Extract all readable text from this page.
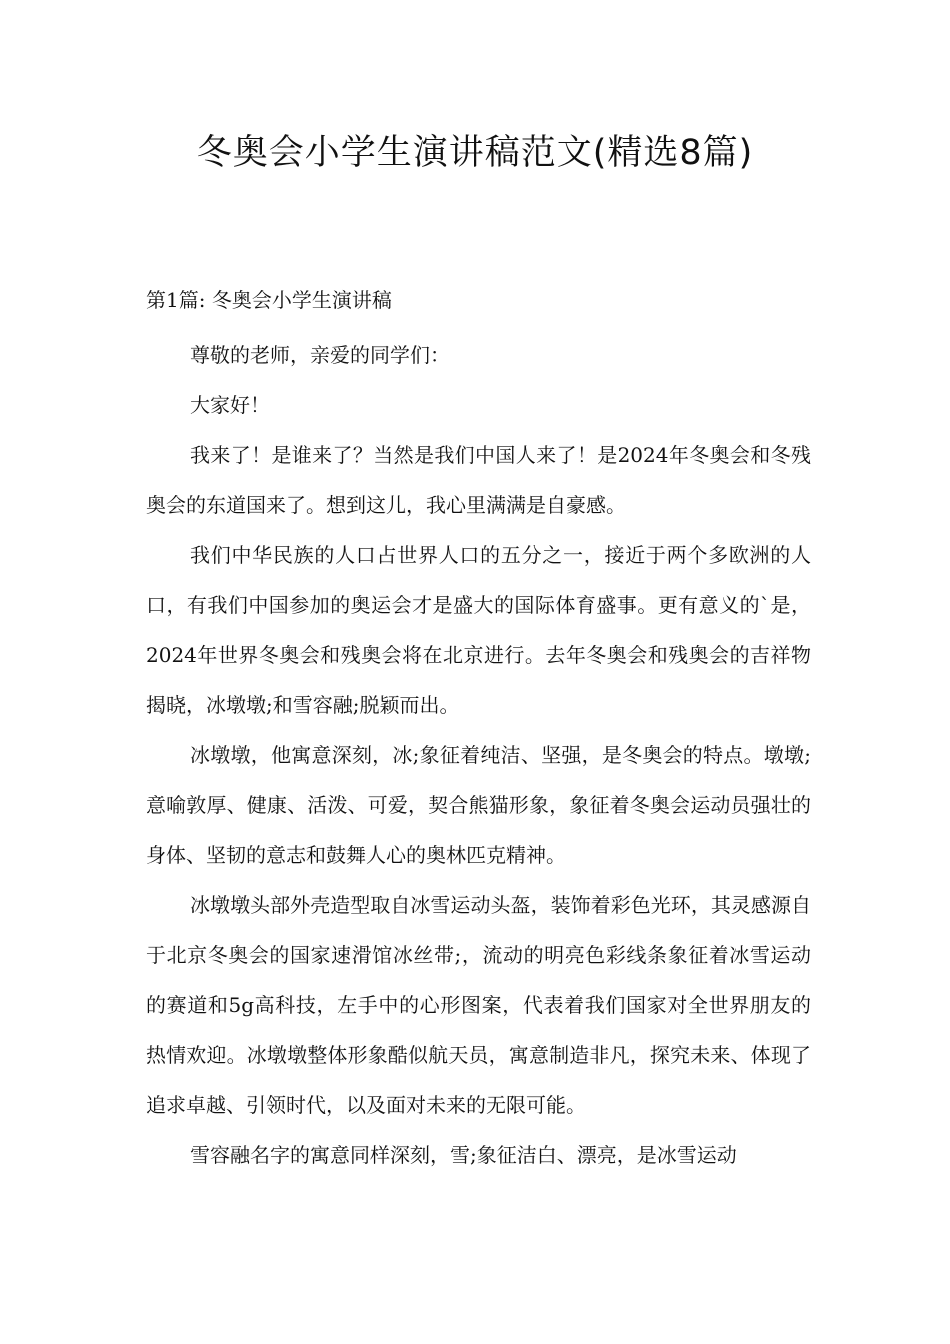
冬奥会小学生演讲稿范文(精选8篇)
第1篇: 冬奥会小学生演讲稿

尊敬的老师，亲爱的同学们：

大家好！

我来了！是谁来了？当然是我们中国人来了！是2024年冬奥会和冬残奥会的东道国来了。想到这儿，我心里满满是自豪感。

我们中华民族的人口占世界人口的五分之一，接近于两个多欧洲的人口，有我们中国参加的奥运会才是盛大的国际体育盛事。更有意义的`是，2024年世界冬奥会和残奥会将在北京进行。去年冬奥会和残奥会的吉祥物揭晓，冰墩墩;和雪容融;脱颖而出。

冰墩墩，他寓意深刻，冰;象征着纯洁、坚强，是冬奥会的特点。墩墩;意喻敦厚、健康、活泼、可爱，契合熊猫形象，象征着冬奥会运动员强壮的身体、坚韧的意志和鼓舞人心的奥林匹克精神。

冰墩墩头部外壳造型取自冰雪运动头盔，装饰着彩色光环，其灵感源自于北京冬奥会的国家速滑馆冰丝带;，流动的明亮色彩线条象征着冰雪运动的赛道和5g高科技，左手中的心形图案，代表着我们国家对全世界朋友的热情欢迎。冰墩墩整体形象酷似航天员，寓意制造非凡，探究未来、体现了追求卓越、引领时代，以及面对未来的无限可能。

雪容融名字的寓意同样深刻，雪;象征洁白、漂亮，是冰雪运动
